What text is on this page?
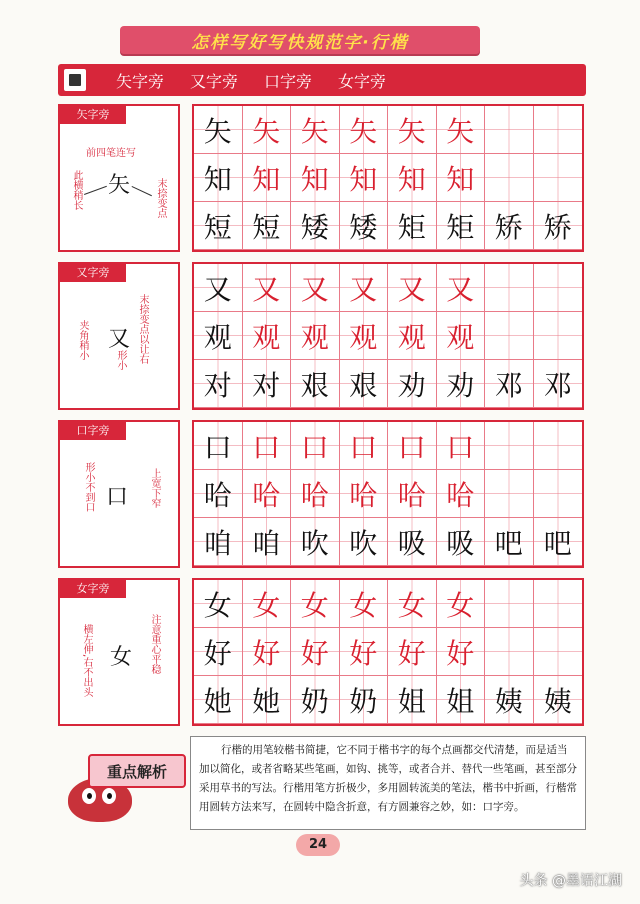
怎样写好写快规范字·行楷
矢字旁 又字旁 口字旁 女字旁
矢字旁
前四笔连写
矢
此横稍长	末捺变点
矢 矢 矢 矢 矢 矢
知 知 知 知 知 知
短 短 矮 矮 矩 矩 矫 矫
又字旁
又 末捺变点以让右
夹角稍小	形小
又 又 又 又 又 又
观 观 观 观 观 观
对 对 艰 艰 劝 劝 邓 邓
口字旁
口
形小不到口	上宽下窄
口 口 口 口 口 口
哈 哈 哈 哈 哈 哈
咱 咱 吹 吹 吸 吸 吧 吧
女字旁
女
横左伸,右不出头	注意重心平稳
女 女 女 女 女 女
好 好 好 好 好 好
她 她 奶 奶 姐 姐 姨 姨
重点解析
行楷的用笔较楷书简捷，它不同于楷书字的每个点画都交代清楚，而是适当加以简化，或者省略某些笔画，如钩、挑等，或者合并、替代一些笔画，甚至部分采用草书的写法。行楷用笔方折极少，多用圆转流美的笔法，楷书中折画，行楷常用圆转方法来写，在圆转中隐含折意，有方圆兼容之妙，如：口字旁。
24
头条 @墨语江湖
